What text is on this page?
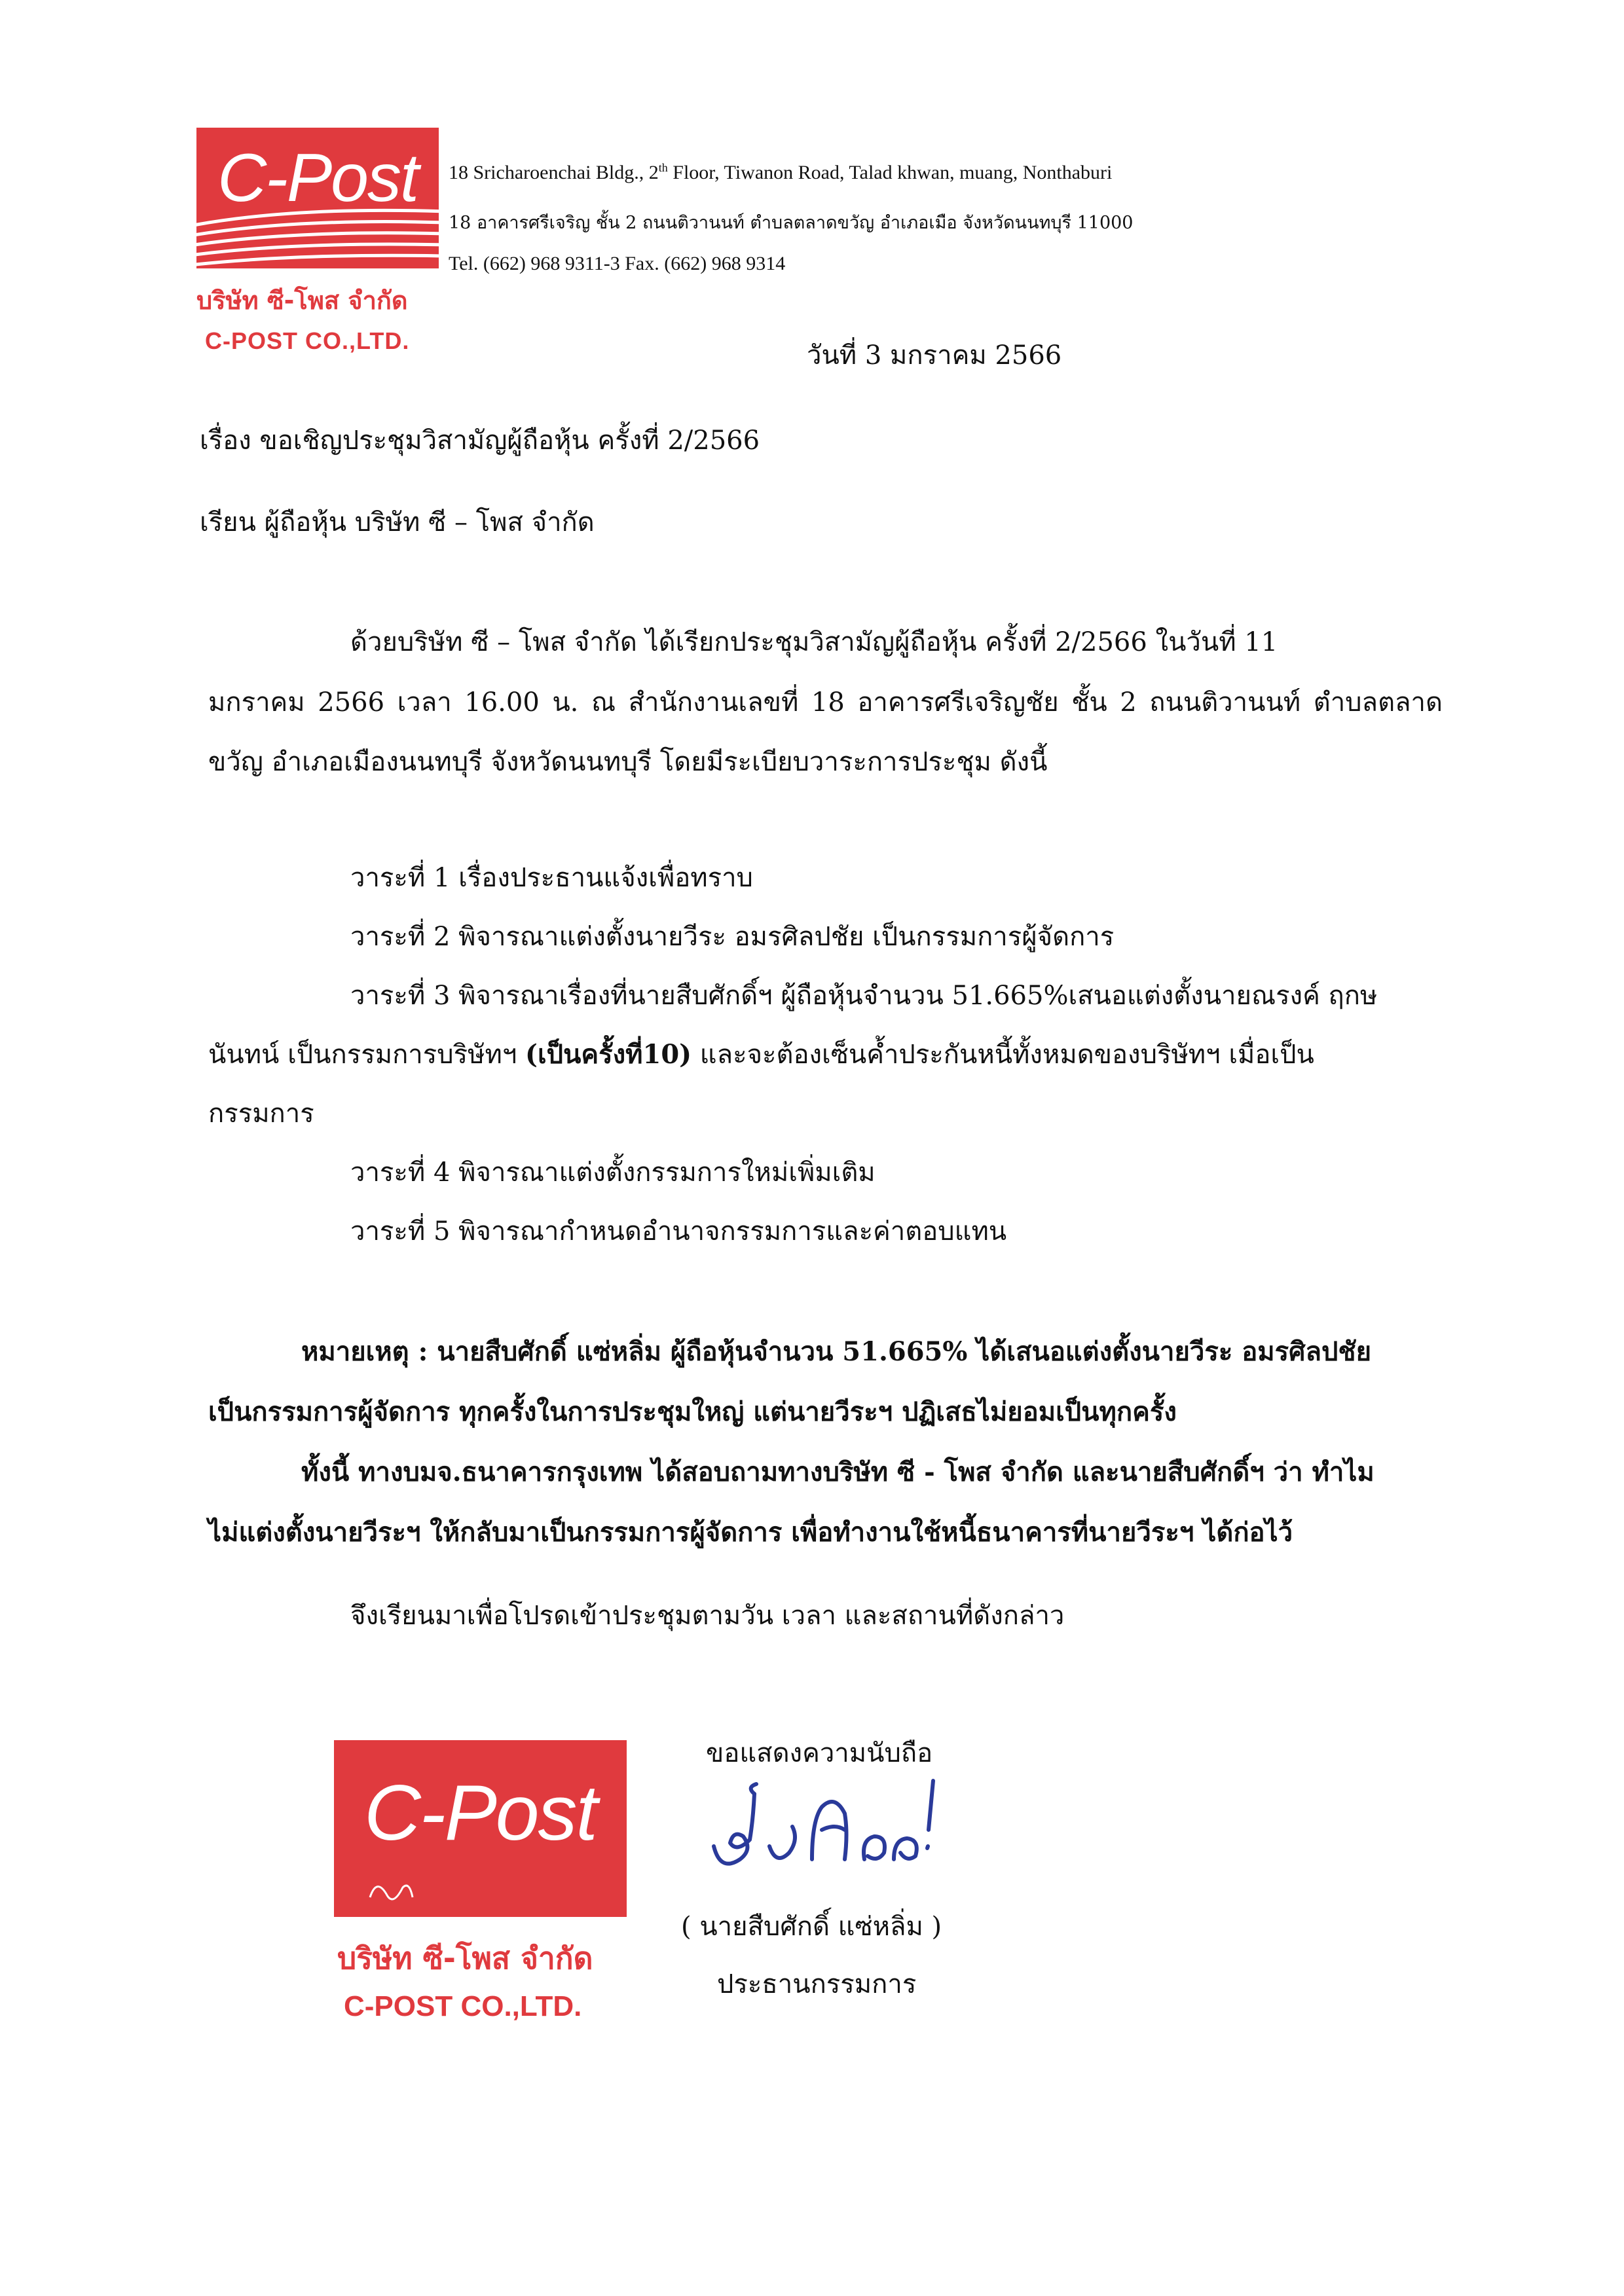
C-Post
บริษัท ซี-โพส จำกัด
C-POST CO.,LTD.
18 Sricharoenchai Bldg., 2th Floor, Tiwanon Road, Talad khwan, muang, Nonthaburi
18 อาคารศรีเจริญ ชั้น 2 ถนนติวานนท์ ตำบลตลาดขวัญ อำเภอเมือ จังหวัดนนทบุรี 11000
Tel. (662) 968 9311-3 Fax. (662) 968 9314
วันที่ 3 มกราคม 2566
เรื่อง ขอเชิญประชุมวิสามัญผู้ถือหุ้น ครั้งที่ 2/2566
เรียน ผู้ถือหุ้น บริษัท ซี – โพส จำกัด
ด้วยบริษัท ซี – โพส จำกัด ได้เรียกประชุมวิสามัญผู้ถือหุ้น ครั้งที่ 2/2566 ในวันที่ 11
มกราคม 2566 เวลา 16.00 น. ณ สำนักงานเลขที่ 18 อาคารศรีเจริญชัย ชั้น 2 ถนนติวานนท์ ตำบลตลาด
ขวัญ อำเภอเมืองนนทบุรี จังหวัดนนทบุรี โดยมีระเบียบวาระการประชุม ดังนี้
วาระที่ 1 เรื่องประธานแจ้งเพื่อทราบ
วาระที่ 2 พิจารณาแต่งตั้งนายวีระ อมรศิลปชัย เป็นกรรมการผู้จัดการ
วาระที่ 3 พิจารณาเรื่องที่นายสืบศักดิ์ฯ ผู้ถือหุ้นจำนวน 51.665%เสนอแต่งตั้งนายณรงค์ ฤกษ
นันทน์ เป็นกรรมการบริษัทฯ (เป็นครั้งที่10) และจะต้องเซ็นค้ำประกันหนี้ทั้งหมดของบริษัทฯ เมื่อเป็น
กรรมการ
วาระที่ 4 พิจารณาแต่งตั้งกรรมการใหม่เพิ่มเติม
วาระที่ 5 พิจารณากำหนดอำนาจกรรมการและค่าตอบแทน
หมายเหตุ : นายสืบศักดิ์ แซ่หลิ่ม ผู้ถือหุ้นจำนวน 51.665% ได้เสนอแต่งตั้งนายวีระ อมรศิลปชัย
เป็นกรรมการผู้จัดการ ทุกครั้งในการประชุมใหญ่ แต่นายวีระฯ ปฏิเสธไม่ยอมเป็นทุกครั้ง
ทั้งนี้ ทางบมจ.ธนาคารกรุงเทพ ได้สอบถามทางบริษัท ซี - โพส จำกัด และนายสืบศักดิ์ฯ ว่า ทำไม
ไม่แต่งตั้งนายวีระฯ ให้กลับมาเป็นกรรมการผู้จัดการ เพื่อทำงานใช้หนี้ธนาคารที่นายวีระฯ ได้ก่อไว้
จึงเรียนมาเพื่อโปรดเข้าประชุมตามวัน เวลา และสถานที่ดังกล่าว
ขอแสดงความนับถือ
( นายสืบศักดิ์ แซ่หลิ่ม )
ประธานกรรมการ
C-Post
บริษัท ซี-โพส จำกัด
C-POST CO.,LTD.
